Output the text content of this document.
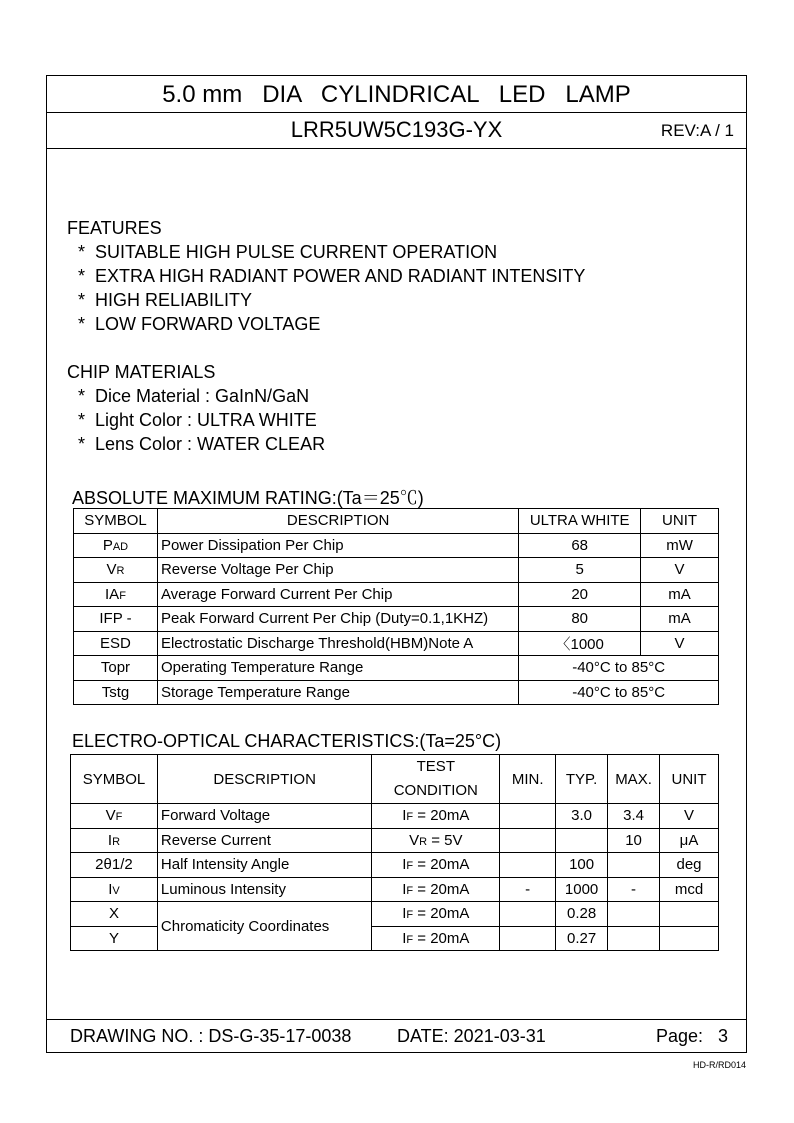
5.0 mm   DIA   CYLINDRICAL   LED   LAMP
LRR5UW5C193G-YX	REV:A / 1
FEATURES
*  SUITABLE HIGH PULSE CURRENT OPERATION
*  EXTRA HIGH RADIANT POWER AND RADIANT INTENSITY
*  HIGH RELIABILITY
*  LOW FORWARD VOLTAGE
CHIP MATERIALS
*  Dice Material : GaInN/GaN
*  Light Color : ULTRA WHITE
*  Lens Color : WATER CLEAR
ABSOLUTE MAXIMUM RATING:(Ta＝25℃)
SYMBOL	DESCRIPTION	ULTRA WHITE	UNIT
PAD	Power Dissipation Per Chip	68	mW
VR	Reverse Voltage Per Chip	5	V
IAF	Average Forward Current Per Chip	20	mA
IFP -	Peak Forward Current Per Chip (Duty=0.1,1KHZ)	80	mA
ESD	Electrostatic Discharge Threshold(HBM)Note A	〈1000	V
Topr	Operating Temperature Range	-40°C to 85°C	
Tstg	Storage Temperature Range	-40°C to 85°C	
ELECTRO-OPTICAL CHARACTERISTICS:(Ta=25°C)
SYMBOL	DESCRIPTION	TEST
CONDITION	MIN.	TYP.	MAX.	UNIT
VF	Forward Voltage	IF = 20mA		3.0	3.4	V
IR	Reverse Current	VR = 5V			10	μA
2θ1/2	Half Intensity Angle	IF = 20mA		100		deg
IV	Luminous Intensity	IF = 20mA	-	1000	-	mcd
X	Chromaticity Coordinates	IF = 20mA		0.28		
Y		IF = 20mA		0.27		
DRAWING NO. : DS-G-35-17-0038	DATE: 2021-03-31	Page:   3
HD-R/RD014
